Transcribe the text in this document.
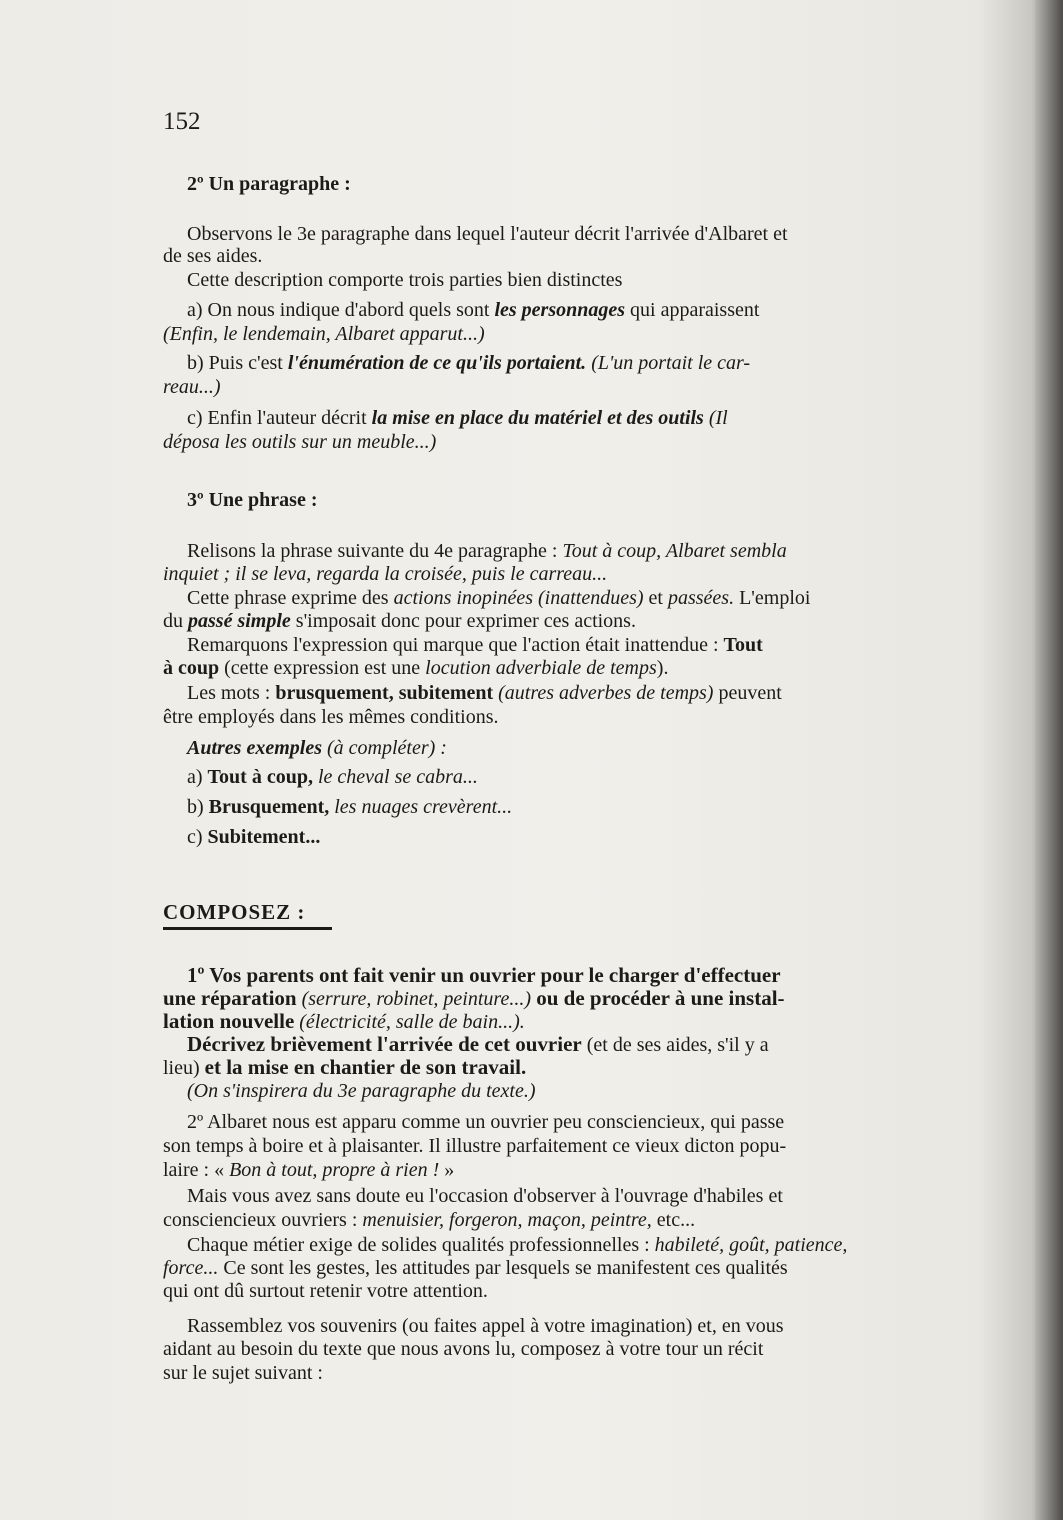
152
2º Un paragraphe :
Observons le 3e paragraphe dans lequel l'auteur décrit l'arrivée d'Albaret et
de ses aides.
Cette description comporte trois parties bien distinctes
a) On nous indique d'abord quels sont les personnages qui apparaissent
(Enfin, le lendemain, Albaret apparut...)
b) Puis c'est l'énumération de ce qu'ils portaient. (L'un portait le car-
reau...)
c) Enfin l'auteur décrit la mise en place du matériel et des outils (Il
déposa les outils sur un meuble...)
3º Une phrase :
Relisons la phrase suivante du 4e paragraphe : Tout à coup, Albaret sembla
inquiet ; il se leva, regarda la croisée, puis le carreau...
Cette phrase exprime des actions inopinées (inattendues) et passées. L'emploi
du passé simple s'imposait donc pour exprimer ces actions.
Remarquons l'expression qui marque que l'action était inattendue : Tout
à coup (cette expression est une locution adverbiale de temps).
Les mots : brusquement, subitement (autres adverbes de temps) peuvent
être employés dans les mêmes conditions.
Autres exemples (à compléter) :
a) Tout à coup, le cheval se cabra...
b) Brusquement, les nuages crevèrent...
c) Subitement...
COMPOSEZ :
1º Vos parents ont fait venir un ouvrier pour le charger d'effectuer
une réparation (serrure, robinet, peinture...) ou de procéder à une instal-
lation nouvelle (électricité, salle de bain...).
Décrivez brièvement l'arrivée de cet ouvrier (et de ses aides, s'il y a
lieu) et la mise en chantier de son travail.
(On s'inspirera du 3e paragraphe du texte.)
2º Albaret nous est apparu comme un ouvrier peu consciencieux, qui passe
son temps à boire et à plaisanter. Il illustre parfaitement ce vieux dicton popu-
laire : « Bon à tout, propre à rien ! »
Mais vous avez sans doute eu l'occasion d'observer à l'ouvrage d'habiles et
consciencieux ouvriers : menuisier, forgeron, maçon, peintre, etc...
Chaque métier exige de solides qualités professionnelles : habileté, goût, patience,
force... Ce sont les gestes, les attitudes par lesquels se manifestent ces qualités
qui ont dû surtout retenir votre attention.
Rassemblez vos souvenirs (ou faites appel à votre imagination) et, en vous
aidant au besoin du texte que nous avons lu, composez à votre tour un récit
sur le sujet suivant :
